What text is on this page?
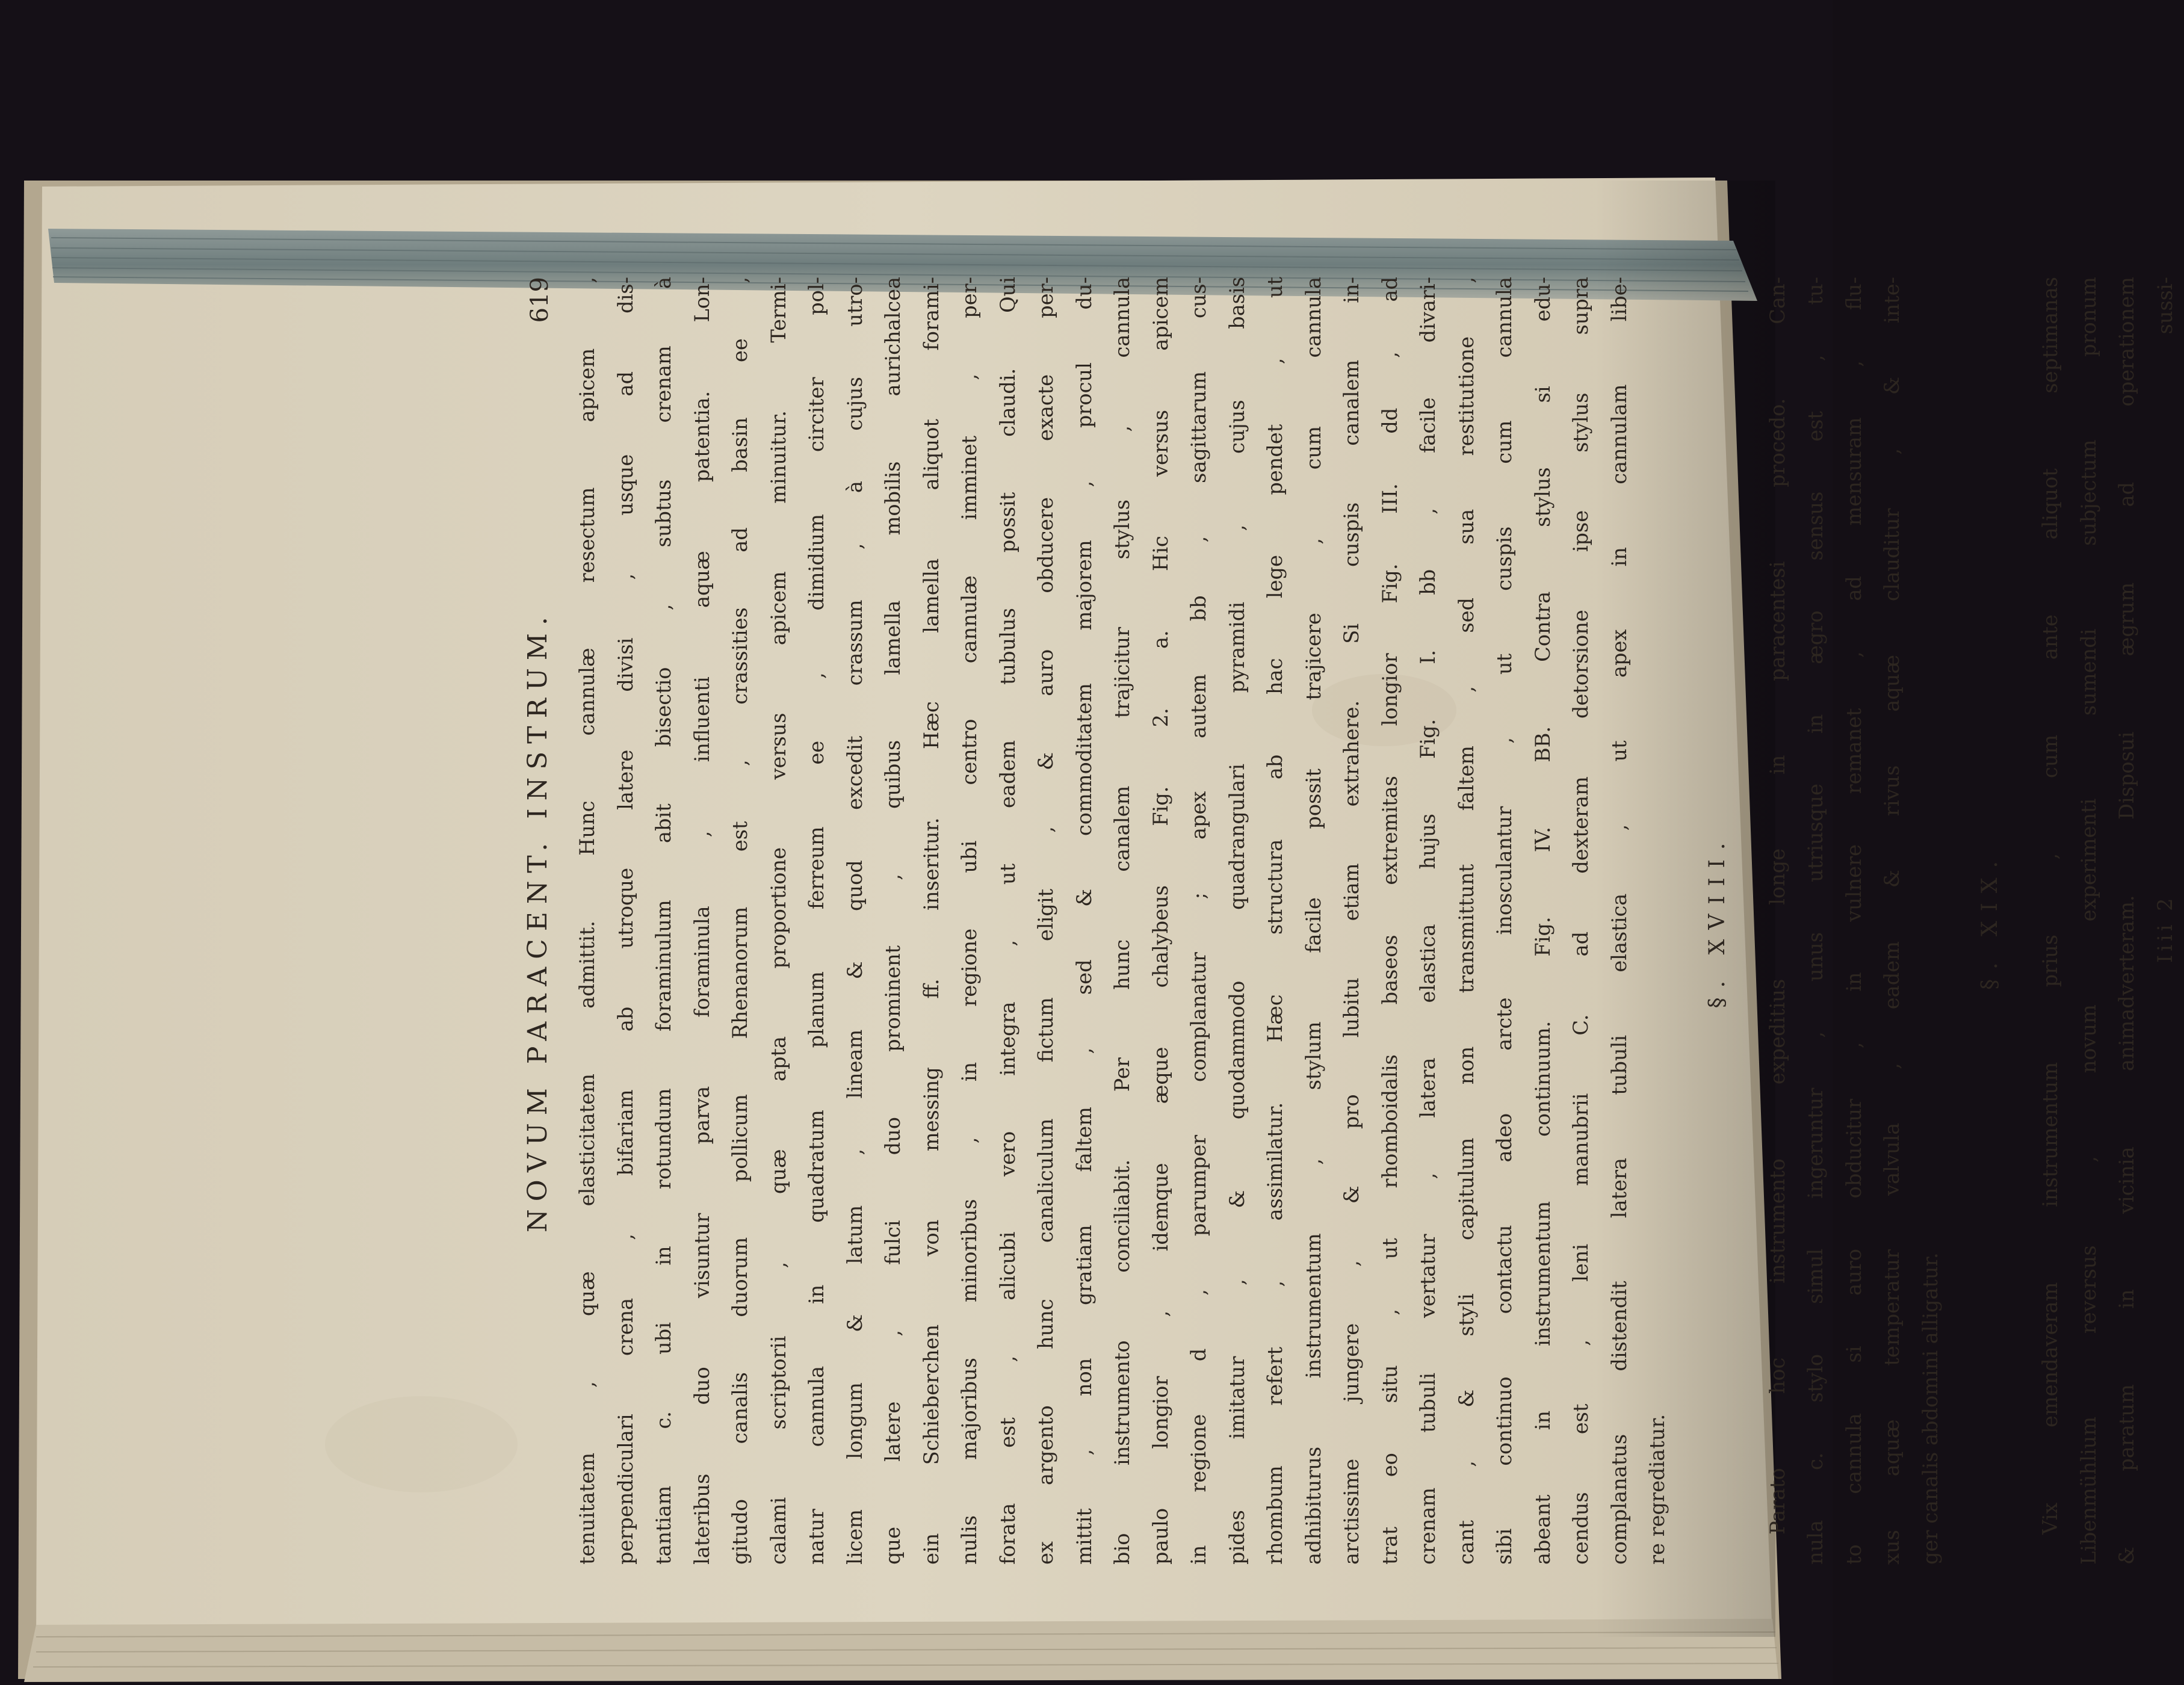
NOVUM PARACENT. INSTRUM.
619	tenuitatem , quæ elasticitatem admittit. Hunc cannulæ resectum apicem , perpendiculari crena , bifariam ab utroque latere divisi , usque ad dis- tantiam c. ubi in rotundum foraminulum abit bisectio , subtus crenam à lateribus duo visuntur parva foraminula , influenti aquæ patentia. Lon- gitudo canalis duorum pollicum Rhenanorum est , crassities ad basin ee , calami scriptorii , quæ apta proportione versus apicem minuitur. Termi- natur cannula in quadratum planum ferreum ee , dimidium circiter pol- licem longum & latum , lineam & quod excedit crassum , à cujus utro- que latere , fulci duo prominent , quibus lamella mobilis aurichalcea ein Schieberchen von messing ff. inseritur. Hæc lamella aliquot forami- nulis majoribus minoribus , in regione ubi centro cannulæ imminet , per- forata est , alicubi vero integra , ut eadem tubulus possit claudi. Qui ex argento hunc canaliculum fictum eligit , & auro obducere exacte per- mittit , non gratiam faltem , sed & commoditatem majorem , procul du- bio instrumento conciliabit. Per hunc canalem trajicitur stylus , cannula paulo longior , idemque æque chalybeus Fig. 2. a. Hic versus apicem in regione d , parumper complanatur ; apex autem bb , sagittarum cus- pides imitatur , & quodammodo quadrangulari pyramidi , cujus basis rhombum refert , assimilatur. Hæc structura ab hac lege pendet , ut adhibiturus instrumentum , stylum facile possit trajicere , cum cannula arctissime jungere , & pro lubitu etiam extrahere. Si cuspis canalem in- trat eo situ , ut rhomboidalis baseos extremitas longior Fig. III. dd , ad crenam tubuli vertatur , latera elastica hujus Fig. I. bb , facile divari- cant , & styli capitulum non transmittunt faltem , sed sua restitutione , sibi continuo contactu adeo arcte inosculantur , ut cuspis cum cannula abeant in instrumentum continuum. Fig. IV. BB. Contra stylus si edu- cendus est , leni manubrii C. ad dexteram detorsione ipse stylus supra complanatus distendit latera tubuli elastica , ut apex in cannulam libe- re regrediatur.
§. XVIII.	Parato hoc instrumento expeditius longe in paracentesi procedo. Can- nula c. stylo simul ingeruntur , unus utriusque in ægro sensus est , tu- to cannula si auro obducitur , in vulnere remanet , ad mensuram , flu- xus aquæ temperatur valvula , eadem & rivus aquæ clauditur , & inte- ger canalis abdomini alligatur.
§. XIX.	Vix emendaveram instrumentum prius , cum ante aliquot septimanas Libenmühlium reversus , novum experimenti sumendi subjectum pronum & paratum in vicinia animadverteram. Disposui ægrum ad operationem Iiii 2
sussi-
